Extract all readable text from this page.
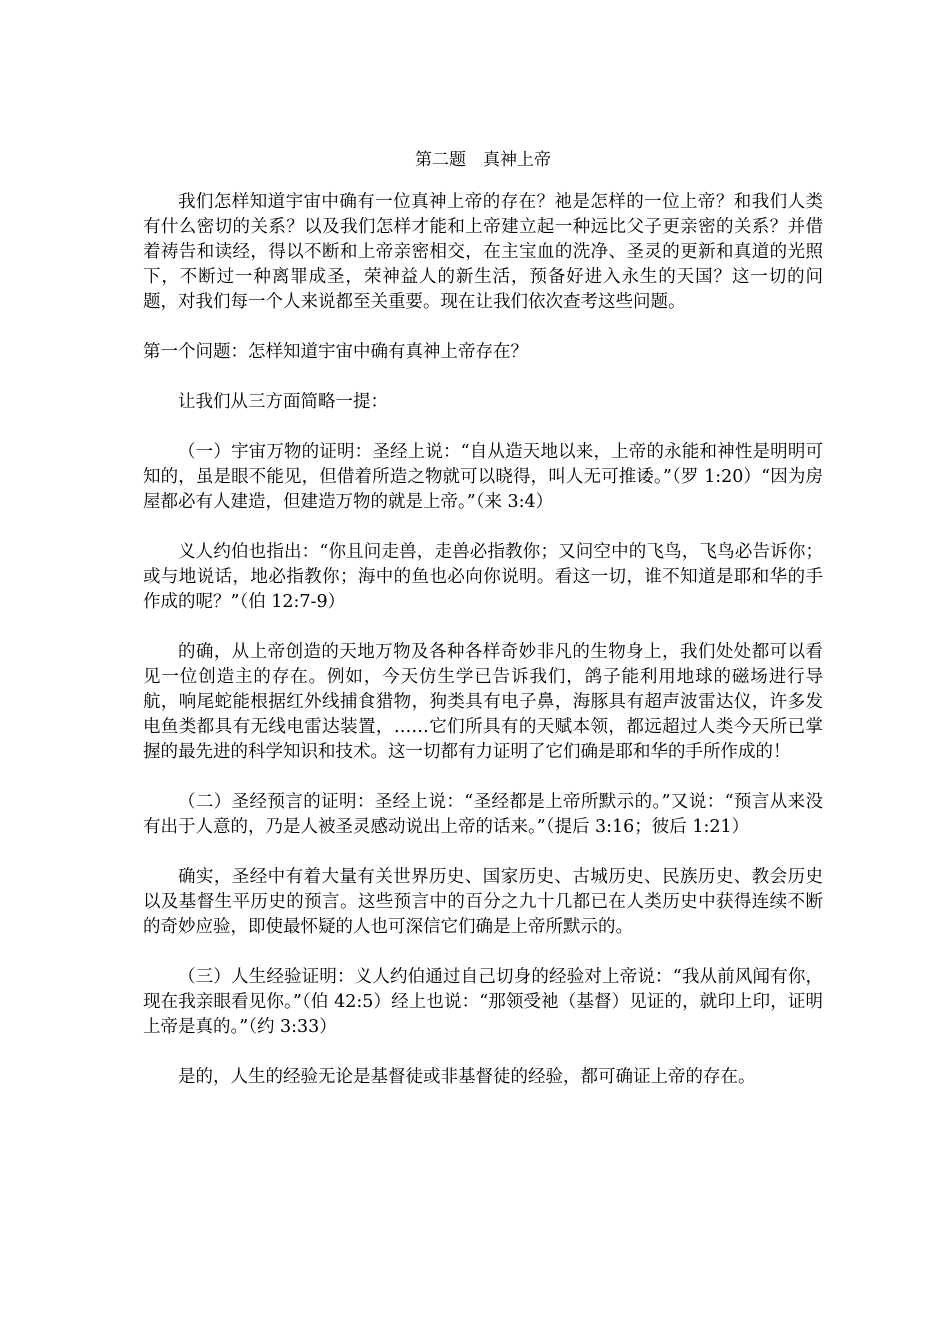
第二题　真神上帝

我们怎样知道宇宙中确有一位真神上帝的存在？祂是怎样的一位上帝？和我们人类有什么密切的关系？以及我们怎样才能和上帝建立起一种远比父子更亲密的关系？并借着祷告和读经，得以不断和上帝亲密相交，在主宝血的洗净、圣灵的更新和真道的光照下，不断过一种离罪成圣，荣神益人的新生活，预备好进入永生的天国？这一切的问题，对我们每一个人来说都至关重要。现在让我们依次查考这些问题。

第一个问题：怎样知道宇宙中确有真神上帝存在？

让我们从三方面简略一提：

（一）宇宙万物的证明：圣经上说：“自从造天地以来，上帝的永能和神性是明明可知的，虽是眼不能见，但借着所造之物就可以晓得，叫人无可推诿。”（罗 1:20）“因为房屋都必有人建造，但建造万物的就是上帝。”（来 3:4）

义人约伯也指出：“你且问走兽，走兽必指教你；又问空中的飞鸟，飞鸟必告诉你；或与地说话，地必指教你；海中的鱼也必向你说明。看这一切，谁不知道是耶和华的手作成的呢？”（伯 12:7-9）

的确，从上帝创造的天地万物及各种各样奇妙非凡的生物身上，我们处处都可以看见一位创造主的存在。例如，今天仿生学已告诉我们，鸽子能利用地球的磁场进行导航，响尾蛇能根据红外线捕食猎物，狗类具有电子鼻，海豚具有超声波雷达仪，许多发电鱼类都具有无线电雷达装置，……它们所具有的天赋本领，都远超过人类今天所已掌握的最先进的科学知识和技术。这一切都有力证明了它们确是耶和华的手所作成的！

（二）圣经预言的证明：圣经上说：“圣经都是上帝所默示的。”又说：“预言从来没有出于人意的，乃是人被圣灵感动说出上帝的话来。”（提后 3:16；彼后 1:21）

确实，圣经中有着大量有关世界历史、国家历史、古城历史、民族历史、教会历史以及基督生平历史的预言。这些预言中的百分之九十几都已在人类历史中获得连续不断的奇妙应验，即使最怀疑的人也可深信它们确是上帝所默示的。

（三）人生经验证明：义人约伯通过自己切身的经验对上帝说：“我从前风闻有你，现在我亲眼看见你。”（伯 42:5）经上也说：“那领受祂（基督）见证的，就印上印，证明上帝是真的。”（约 3:33）

是的，人生的经验无论是基督徒或非基督徒的经验，都可确证上帝的存在。
